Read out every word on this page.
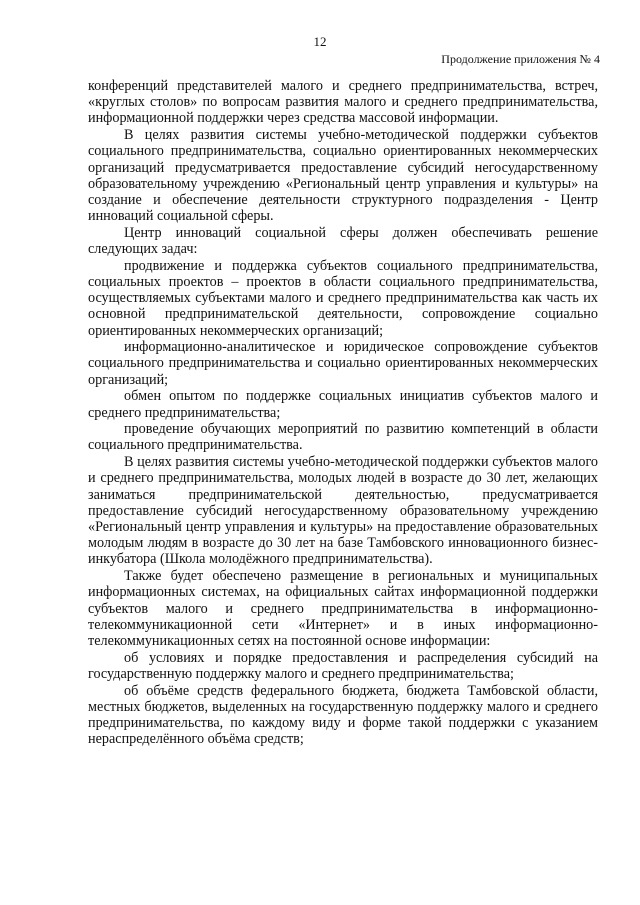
12
Продолжение приложения № 4

конференций представителей малого и среднего предпринимательства, встреч, «круглых столов» по вопросам развития малого и среднего предпринимательства, информационной поддержки через средства массовой информации.

В целях развития системы учебно-методической поддержки субъектов социального предпринимательства, социально ориентированных некоммерческих организаций предусматривается предоставление субсидий негосударственному образовательному учреждению «Региональный центр управления и культуры» на создание и обеспечение деятельности структурного подразделения - Центр инноваций социальной сферы.

Центр инноваций социальной сферы должен обеспечивать решение следующих задач:

продвижение и поддержка субъектов социального предпринимательства, социальных проектов – проектов в области социального предпринимательства, осуществляемых субъектами малого и среднего предпринимательства как часть их основной предпринимательской деятельности, сопровождение социально ориентированных некоммерческих организаций;

информационно-аналитическое и юридическое сопровождение субъектов социального предпринимательства и социально ориентированных некоммерческих организаций;

обмен опытом по поддержке социальных инициатив субъектов малого и среднего предпринимательства;

проведение обучающих мероприятий по развитию компетенций в области социального предпринимательства.

В целях развития системы учебно-методической поддержки субъектов малого и среднего предпринимательства, молодых людей в возрасте до 30 лет, желающих заниматься предпринимательской деятельностью, предусматривается предоставление субсидий негосударственному образовательному учреждению «Региональный центр управления и культуры» на предоставление образовательных молодым людям в возрасте до 30 лет на базе Тамбовского инновационного бизнес-инкубатора (Школа молодёжного предпринимательства).

Также будет обеспечено размещение в региональных и муниципальных информационных системах, на официальных сайтах информационной поддержки субъектов малого и среднего предпринимательства в информационно-телекоммуникационной сети «Интернет» и в иных информационно-телекоммуникационных сетях на постоянной основе информации:

об условиях и порядке предоставления и распределения субсидий на государственную поддержку малого и среднего предпринимательства;

об объёме средств федерального бюджета, бюджета Тамбовской области, местных бюджетов, выделенных на государственную поддержку малого и среднего предпринимательства, по каждому виду и форме такой поддержки с указанием нераспределённого объёма средств;
